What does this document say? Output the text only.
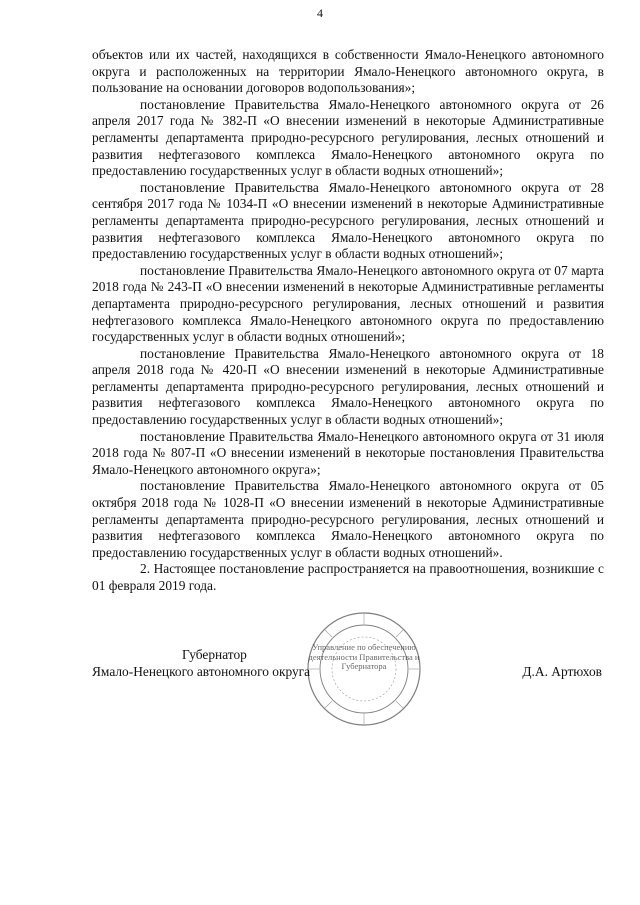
4

объектов или их частей, находящихся в собственности Ямало-Ненецкого автономного округа и расположенных на территории Ямало-Ненецкого автономного округа, в пользование на основании договоров водопользования»;

постановление Правительства Ямало-Ненецкого автономного округа от 26 апреля 2017 года № 382-П «О внесении изменений в некоторые Административные регламенты департамента природно-ресурсного регулирования, лесных отношений и развития нефтегазового комплекса Ямало-Ненецкого автономного округа по предоставлению государственных услуг в области водных отношений»;

постановление Правительства Ямало-Ненецкого автономного округа от 28 сентября 2017 года № 1034-П «О внесении изменений в некоторые Административные регламенты департамента природно-ресурсного регулирования, лесных отношений и развития нефтегазового комплекса Ямало-Ненецкого автономного округа по предоставлению государственных услуг в области водных отношений»;

постановление Правительства Ямало-Ненецкого автономного округа от 07 марта 2018 года № 243-П «О внесении изменений в некоторые Административные регламенты департамента природно-ресурсного регулирования, лесных отношений и развития нефтегазового комплекса Ямало-Ненецкого автономного округа по предоставлению государственных услуг в области водных отношений»;

постановление Правительства Ямало-Ненецкого автономного округа от 18 апреля 2018 года № 420-П «О внесении изменений в некоторые Административные регламенты департамента природно-ресурсного регулирования, лесных отношений и развития нефтегазового комплекса Ямало-Ненецкого автономного округа по предоставлению государственных услуг в области водных отношений»;

постановление Правительства Ямало-Ненецкого автономного округа от 31 июля 2018 года № 807-П «О внесении изменений в некоторые постановления Правительства Ямало-Ненецкого автономного округа»;

постановление Правительства Ямало-Ненецкого автономного округа от 05 октября 2018 года № 1028-П «О внесении изменений в некоторые Административные регламенты департамента природно-ресурсного регулирования, лесных отношений и развития нефтегазового комплекса Ямало-Ненецкого автономного округа по предоставлению государственных услуг в области водных отношений».

2. Настоящее постановление распространяется на правоотношения, возникшие с 01 февраля 2019 года.

Управление по обеспечению деятельности Правительства и Губернатора
Губернатор
Ямало-Ненецкого автономного округа	Д.А. Артюхов
